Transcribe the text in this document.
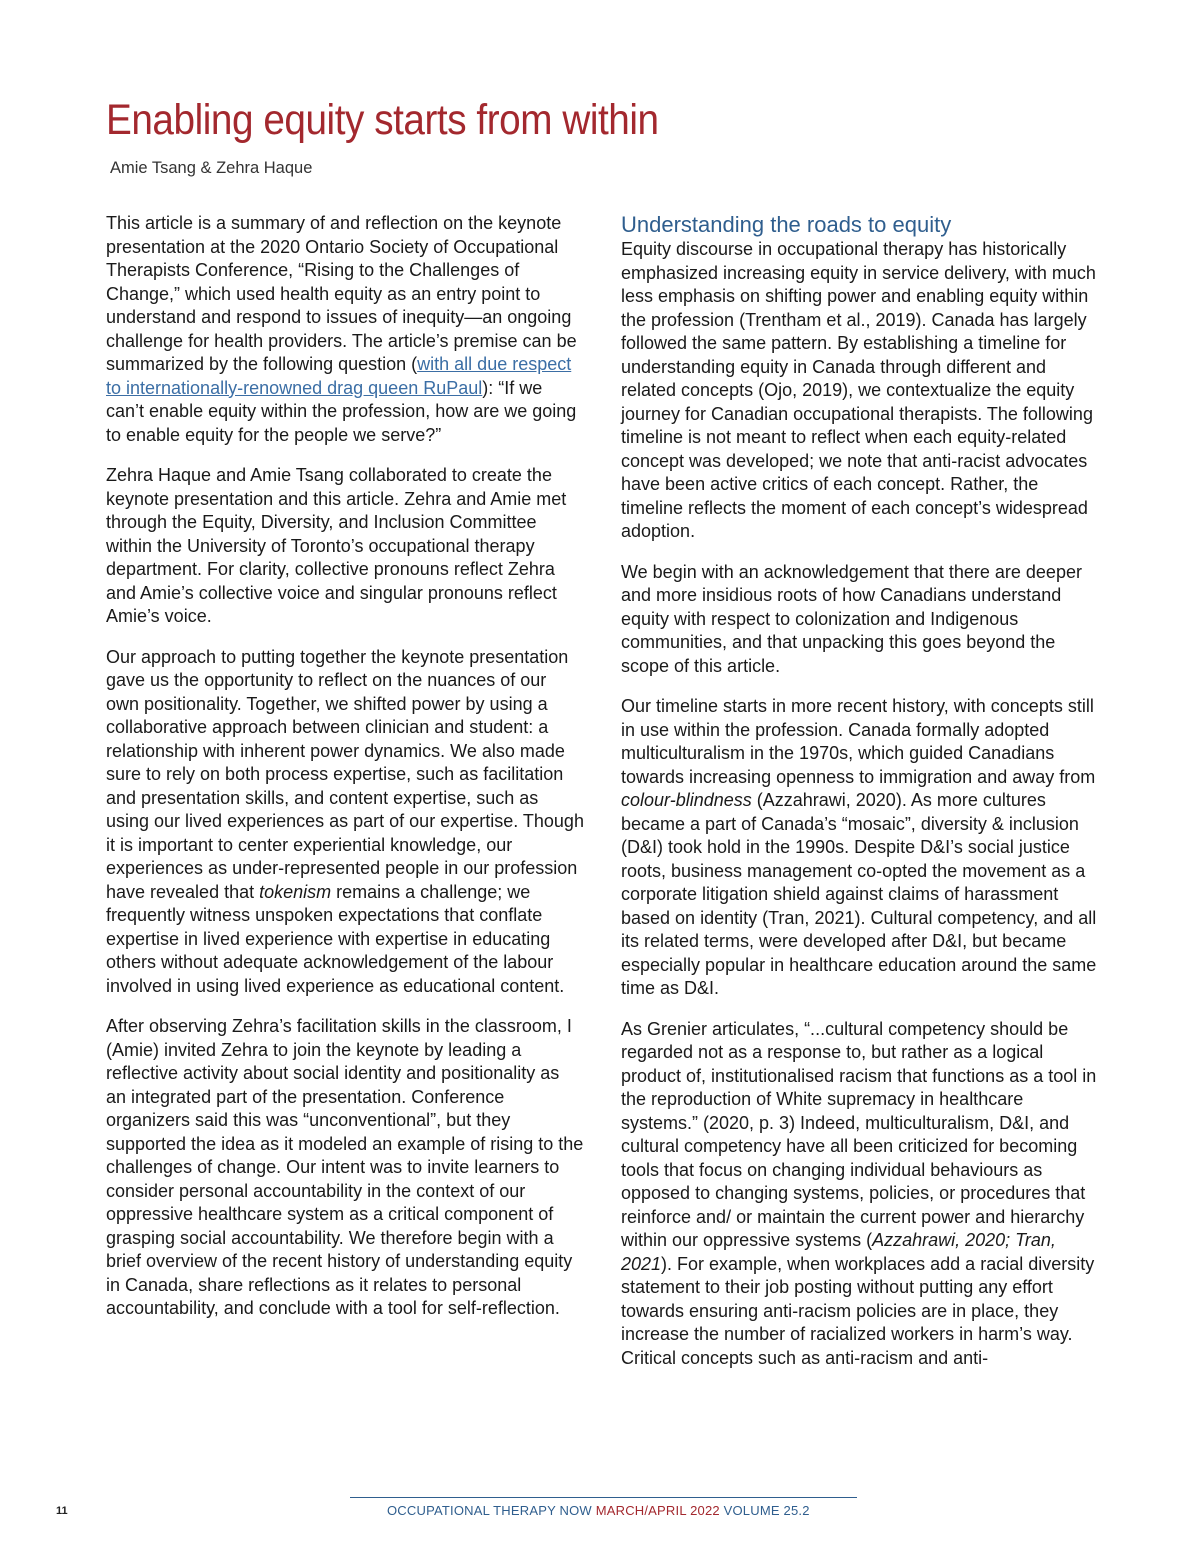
Enabling equity starts from within
Amie Tsang & Zehra Haque

This article is a summary of and reflection on the keynote presentation at the 2020 Ontario Society of Occupational Therapists Conference, “Rising to the Challenges of Change,” which used health equity as an entry point to understand and respond to issues of inequity—an ongoing challenge for health providers. The article’s premise can be summarized by the following question (with all due respect to internationally-renowned drag queen RuPaul): “If we can’t enable equity within the profession, how are we going to enable equity for the people we serve?”

Zehra Haque and Amie Tsang collaborated to create the keynote presentation and this article. Zehra and Amie met through the Equity, Diversity, and Inclusion Committee within the University of Toronto’s occupational therapy department. For clarity, collective pronouns reflect Zehra and Amie’s collective voice and singular pronouns reflect Amie’s voice.

Our approach to putting together the keynote presentation gave us the opportunity to reflect on the nuances of our own positionality. Together, we shifted power by using a collaborative approach between clinician and student: a relationship with inherent power dynamics. We also made sure to rely on both process expertise, such as facilitation and presentation skills, and content expertise, such as using our lived experiences as part of our expertise. Though it is important to center experiential knowledge, our experiences as under-represented people in our profession have revealed that tokenism remains a challenge; we frequently witness unspoken expectations that conflate expertise in lived experience with expertise in educating others without adequate acknowledgement of the labour involved in using lived experience as educational content.

After observing Zehra’s facilitation skills in the classroom, I (Amie) invited Zehra to join the keynote by leading a reflective activity about social identity and positionality as an integrated part of the presentation. Conference organizers said this was “unconventional”, but they supported the idea as it modeled an example of rising to the challenges of change. Our intent was to invite learners to consider personal accountability in the context of our oppressive healthcare system as a critical component of grasping social accountability. We therefore begin with a brief overview of the recent history of understanding equity in Canada, share reflections as it relates to personal accountability, and conclude with a tool for self-reflection.

Understanding the roads to equity

Equity discourse in occupational therapy has historically emphasized increasing equity in service delivery, with much less emphasis on shifting power and enabling equity within the profession (Trentham et al., 2019). Canada has largely followed the same pattern. By establishing a timeline for understanding equity in Canada through different and related concepts (Ojo, 2019), we contextualize the equity journey for Canadian occupational therapists. The following timeline is not meant to reflect when each equity-related concept was developed; we note that anti-racist advocates have been active critics of each concept. Rather, the timeline reflects the moment of each concept’s widespread adoption.

We begin with an acknowledgement that there are deeper and more insidious roots of how Canadians understand equity with respect to colonization and Indigenous communities, and that unpacking this goes beyond the scope of this article.

Our timeline starts in more recent history, with concepts still in use within the profession. Canada formally adopted multiculturalism in the 1970s, which guided Canadians towards increasing openness to immigration and away from colour-blindness (Azzahrawi, 2020). As more cultures became a part of Canada’s “mosaic”, diversity & inclusion (D&I) took hold in the 1990s. Despite D&I’s social justice roots, business management co-opted the movement as a corporate litigation shield against claims of harassment based on identity (Tran, 2021). Cultural competency, and all its related terms, were developed after D&I, but became especially popular in healthcare education around the same time as D&I.

As Grenier articulates, “...cultural competency should be regarded not as a response to, but rather as a logical product of, institutionalised racism that functions as a tool in the reproduction of White supremacy in healthcare systems.” (2020, p. 3) Indeed, multiculturalism, D&I, and cultural competency have all been criticized for becoming tools that focus on changing individual behaviours as opposed to changing systems, policies, or procedures that reinforce and/ or maintain the current power and hierarchy within our oppressive systems (Azzahrawi, 2020; Tran, 2021). For example, when workplaces add a racial diversity statement to their job posting without putting any effort towards ensuring anti-racism policies are in place, they increase the number of racialized workers in harm’s way. Critical concepts such as anti-racism and anti-

11	OCCUPATIONAL THERAPY NOW MARCH/APRIL 2022 VOLUME 25.2
